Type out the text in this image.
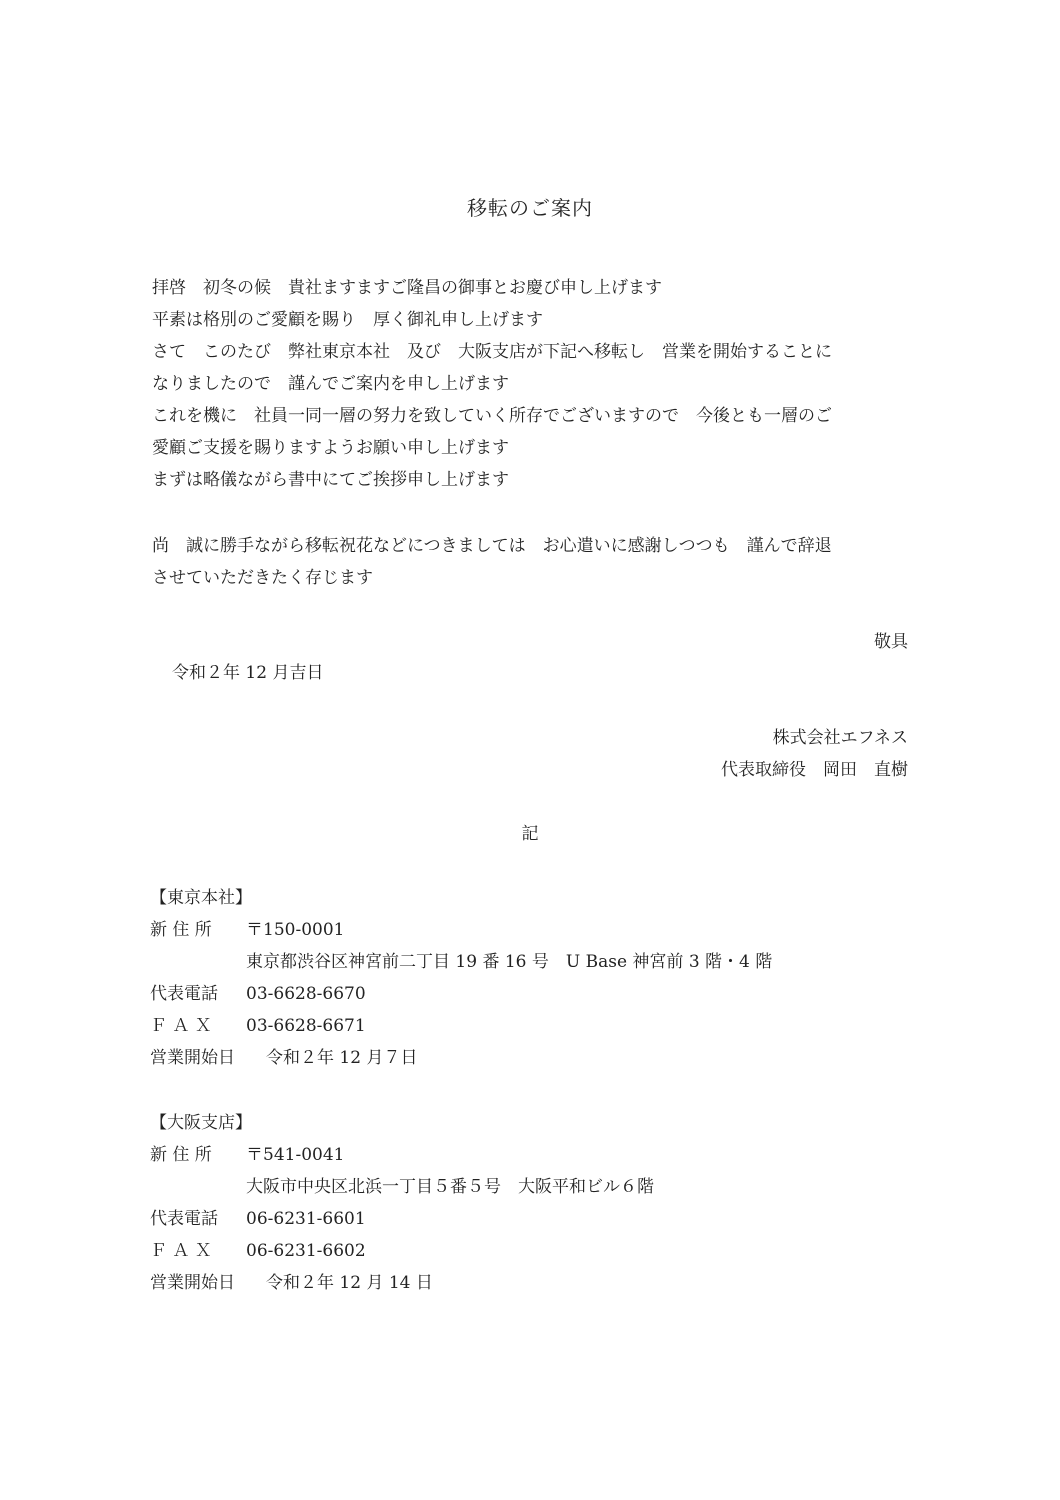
移転のご案内
拝啓　初冬の候　貴社ますますご隆昌の御事とお慶び申し上げます
平素は格別のご愛顧を賜り　厚く御礼申し上げます
さて　このたび　弊社東京本社　及び　大阪支店が下記へ移転し　営業を開始することに
なりましたので　謹んでご案内を申し上げます
これを機に　社員一同一層の努力を致していく所存でございますので　今後とも一層のご
愛顧ご支援を賜りますようお願い申し上げます
まずは略儀ながら書中にてご挨拶申し上げます
尚　誠に勝手ながら移転祝花などにつきましては　お心遣いに感謝しつつも　謹んで辞退
させていただきたく存じます
敬具
令和２年 12 月吉日
株式会社エフネス
代表取締役　岡田　直樹
記
【東京本社】
新 住 所	〒150-0001
東京都渋谷区神宮前二丁目 19 番 16 号　U Base 神宮前 3 階・4 階
代表電話	03-6628-6670
Ｆ Ａ Ｘ	03-6628-6671
営業開始日	令和２年 12 月７日
【大阪支店】
新 住 所	〒541-0041
大阪市中央区北浜一丁目５番５号　大阪平和ビル６階
代表電話	06-6231-6601
Ｆ Ａ Ｘ	06-6231-6602
営業開始日	令和２年 12 月 14 日
